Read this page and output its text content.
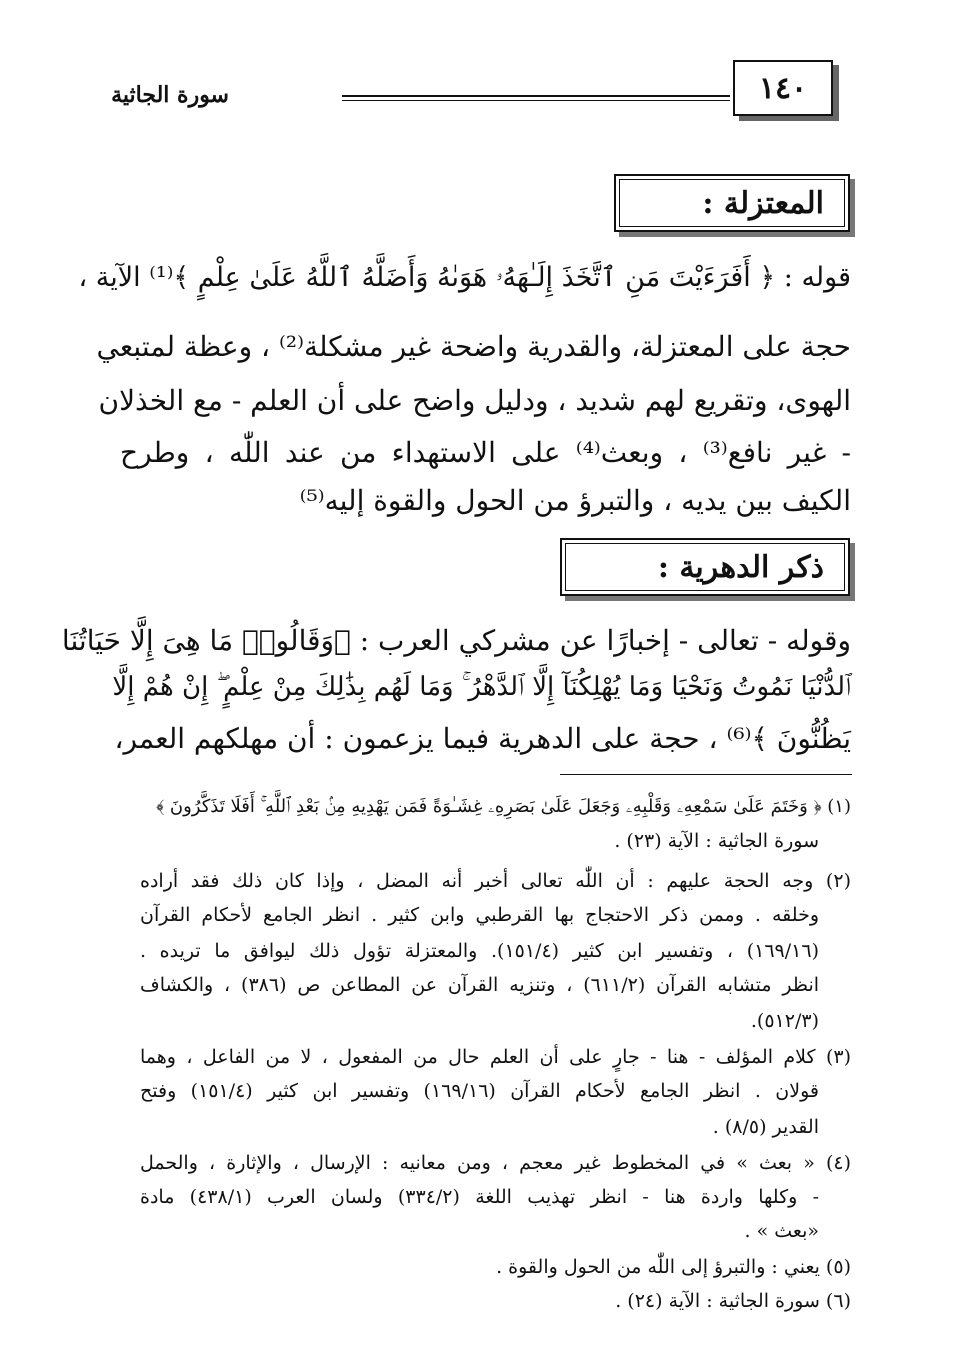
١٤٠
سورة الجاثية
المعتزلة :
قوله : ﴿ أَفَرَءَيْتَ مَنِ ٱتَّخَذَ إِلَـٰهَهُۥ هَوَىٰهُ وَأَضَلَّهُ ٱللَّهُ عَلَىٰ عِلْمٍ ﴾⁽¹⁾ الآية ،
حجة على المعتزلة، والقدرية واضحة غير مشكلة⁽²⁾ ، وعظة لمتبعي
الهوى، وتقريع لهم شديد ، ودليل واضح على أن العلم - مع الخذلان
- غير نافع⁽³⁾ ، وبعث⁽⁴⁾ على الاستهداء من عند اللّٰه ، وطرح
الكيف بين يديه ، والتبرؤ من الحول والقوة إليه⁽⁵⁾
ذكر الدهرية :
وقوله - تعالى - إخبارًا عن مشركي العرب : ﴿وَقَالُوا۟ مَا هِىَ إِلَّا حَيَاتُنَا
ٱلدُّنْيَا نَمُوتُ وَنَحْيَا وَمَا يُهْلِكُنَآ إِلَّا ٱلدَّهْرُ ۚ وَمَا لَهُم بِذَٰلِكَ مِنْ عِلْمٍ ۖ إِنْ هُمْ إِلَّا
يَظُنُّونَ ﴾⁽⁶⁾ ، حجة على الدهرية فيما يزعمون : أن مهلكهم العمر،
(١) ﴿ وَخَتَمَ عَلَىٰ سَمْعِهِۦ وَقَلْبِهِۦ وَجَعَلَ عَلَىٰ بَصَرِهِۦ غِشَـٰوَةً فَمَن يَهْدِيهِ مِنۢ بَعْدِ ٱللَّهِ ۚ أَفَلَا تَذَكَّرُونَ ﴾
سورة الجاثية : الآية (٢٣) .
(٢) وجه الحجة عليهم : أن اللّٰه تعالى أخبر أنه المضل ، وإذا كان ذلك فقد أراده
وخلقه . وممن ذكر الاحتجاج بها القرطبي وابن كثير . انظر الجامع لأحكام القرآن
(١٦٩/١٦) ، وتفسير ابن كثير (١٥١/٤). والمعتزلة تؤول ذلك ليوافق ما تريده .
انظر متشابه القرآن (٦١١/٢) ، وتنزيه القرآن عن المطاعن ص (٣٨٦) ، والكشاف
(٥١٢/٣).
(٣) كلام المؤلف - هنا - جارٍ على أن العلم حال من المفعول ، لا من الفاعل ، وهما
قولان . انظر الجامع لأحكام القرآن (١٦٩/١٦) وتفسير ابن كثير (١٥١/٤) وفتح
القدير (٨/٥) .
(٤) « بعث » في المخطوط غير معجم ، ومن معانيه : الإرسال ، والإثارة ، والحمل
- وكلها واردة هنا - انظر تهذيب اللغة (٣٣٤/٢) ولسان العرب (٤٣٨/١) مادة
«بعث » .
(٥) يعني : والتبرؤ إلى اللّٰه من الحول والقوة .
(٦) سورة الجاثية : الآية (٢٤) .
